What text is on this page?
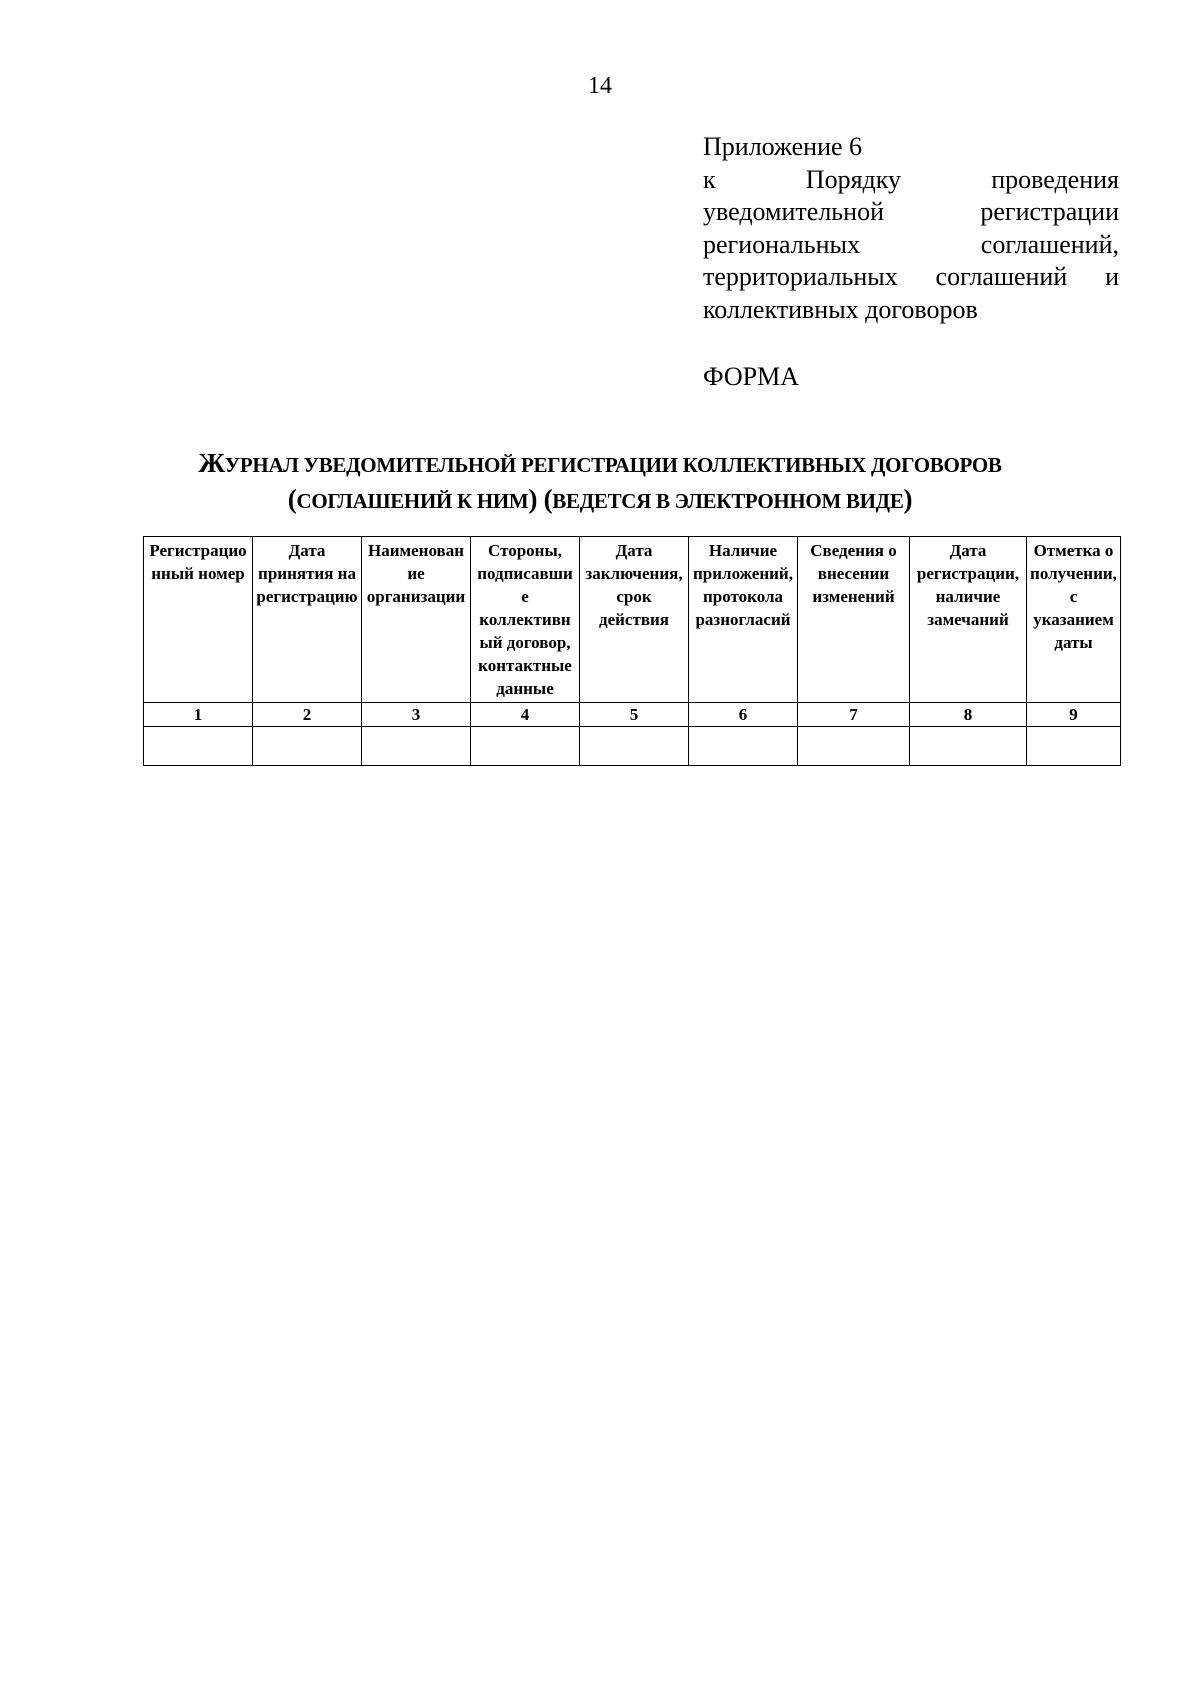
14
Приложение 6
к Порядку проведения
уведомительной регистрации
региональных соглашений,
территориальных соглашений и
коллективных договоров
ФОРМА
ЖУРНАЛ УВЕДОМИТЕЛЬНОЙ РЕГИСТРАЦИИ КОЛЛЕКТИВНЫХ ДОГОВОРОВ
(СОГЛАШЕНИЙ К НИМ) (ВЕДЕТСЯ В ЭЛЕКТРОННОМ ВИДЕ)
Регистрационный номер	Дата принятия на регистрацию	Наименование организации	Стороны, подписавшие коллективный договор, контактные данные	Дата заключения, срок действия	Наличие приложений, протокола разногласий	Сведения о внесении изменений	Дата регистрации, наличие замечаний	Отметка о получении, с указанием даты
1	2	3	4	5	6	7	8	9
